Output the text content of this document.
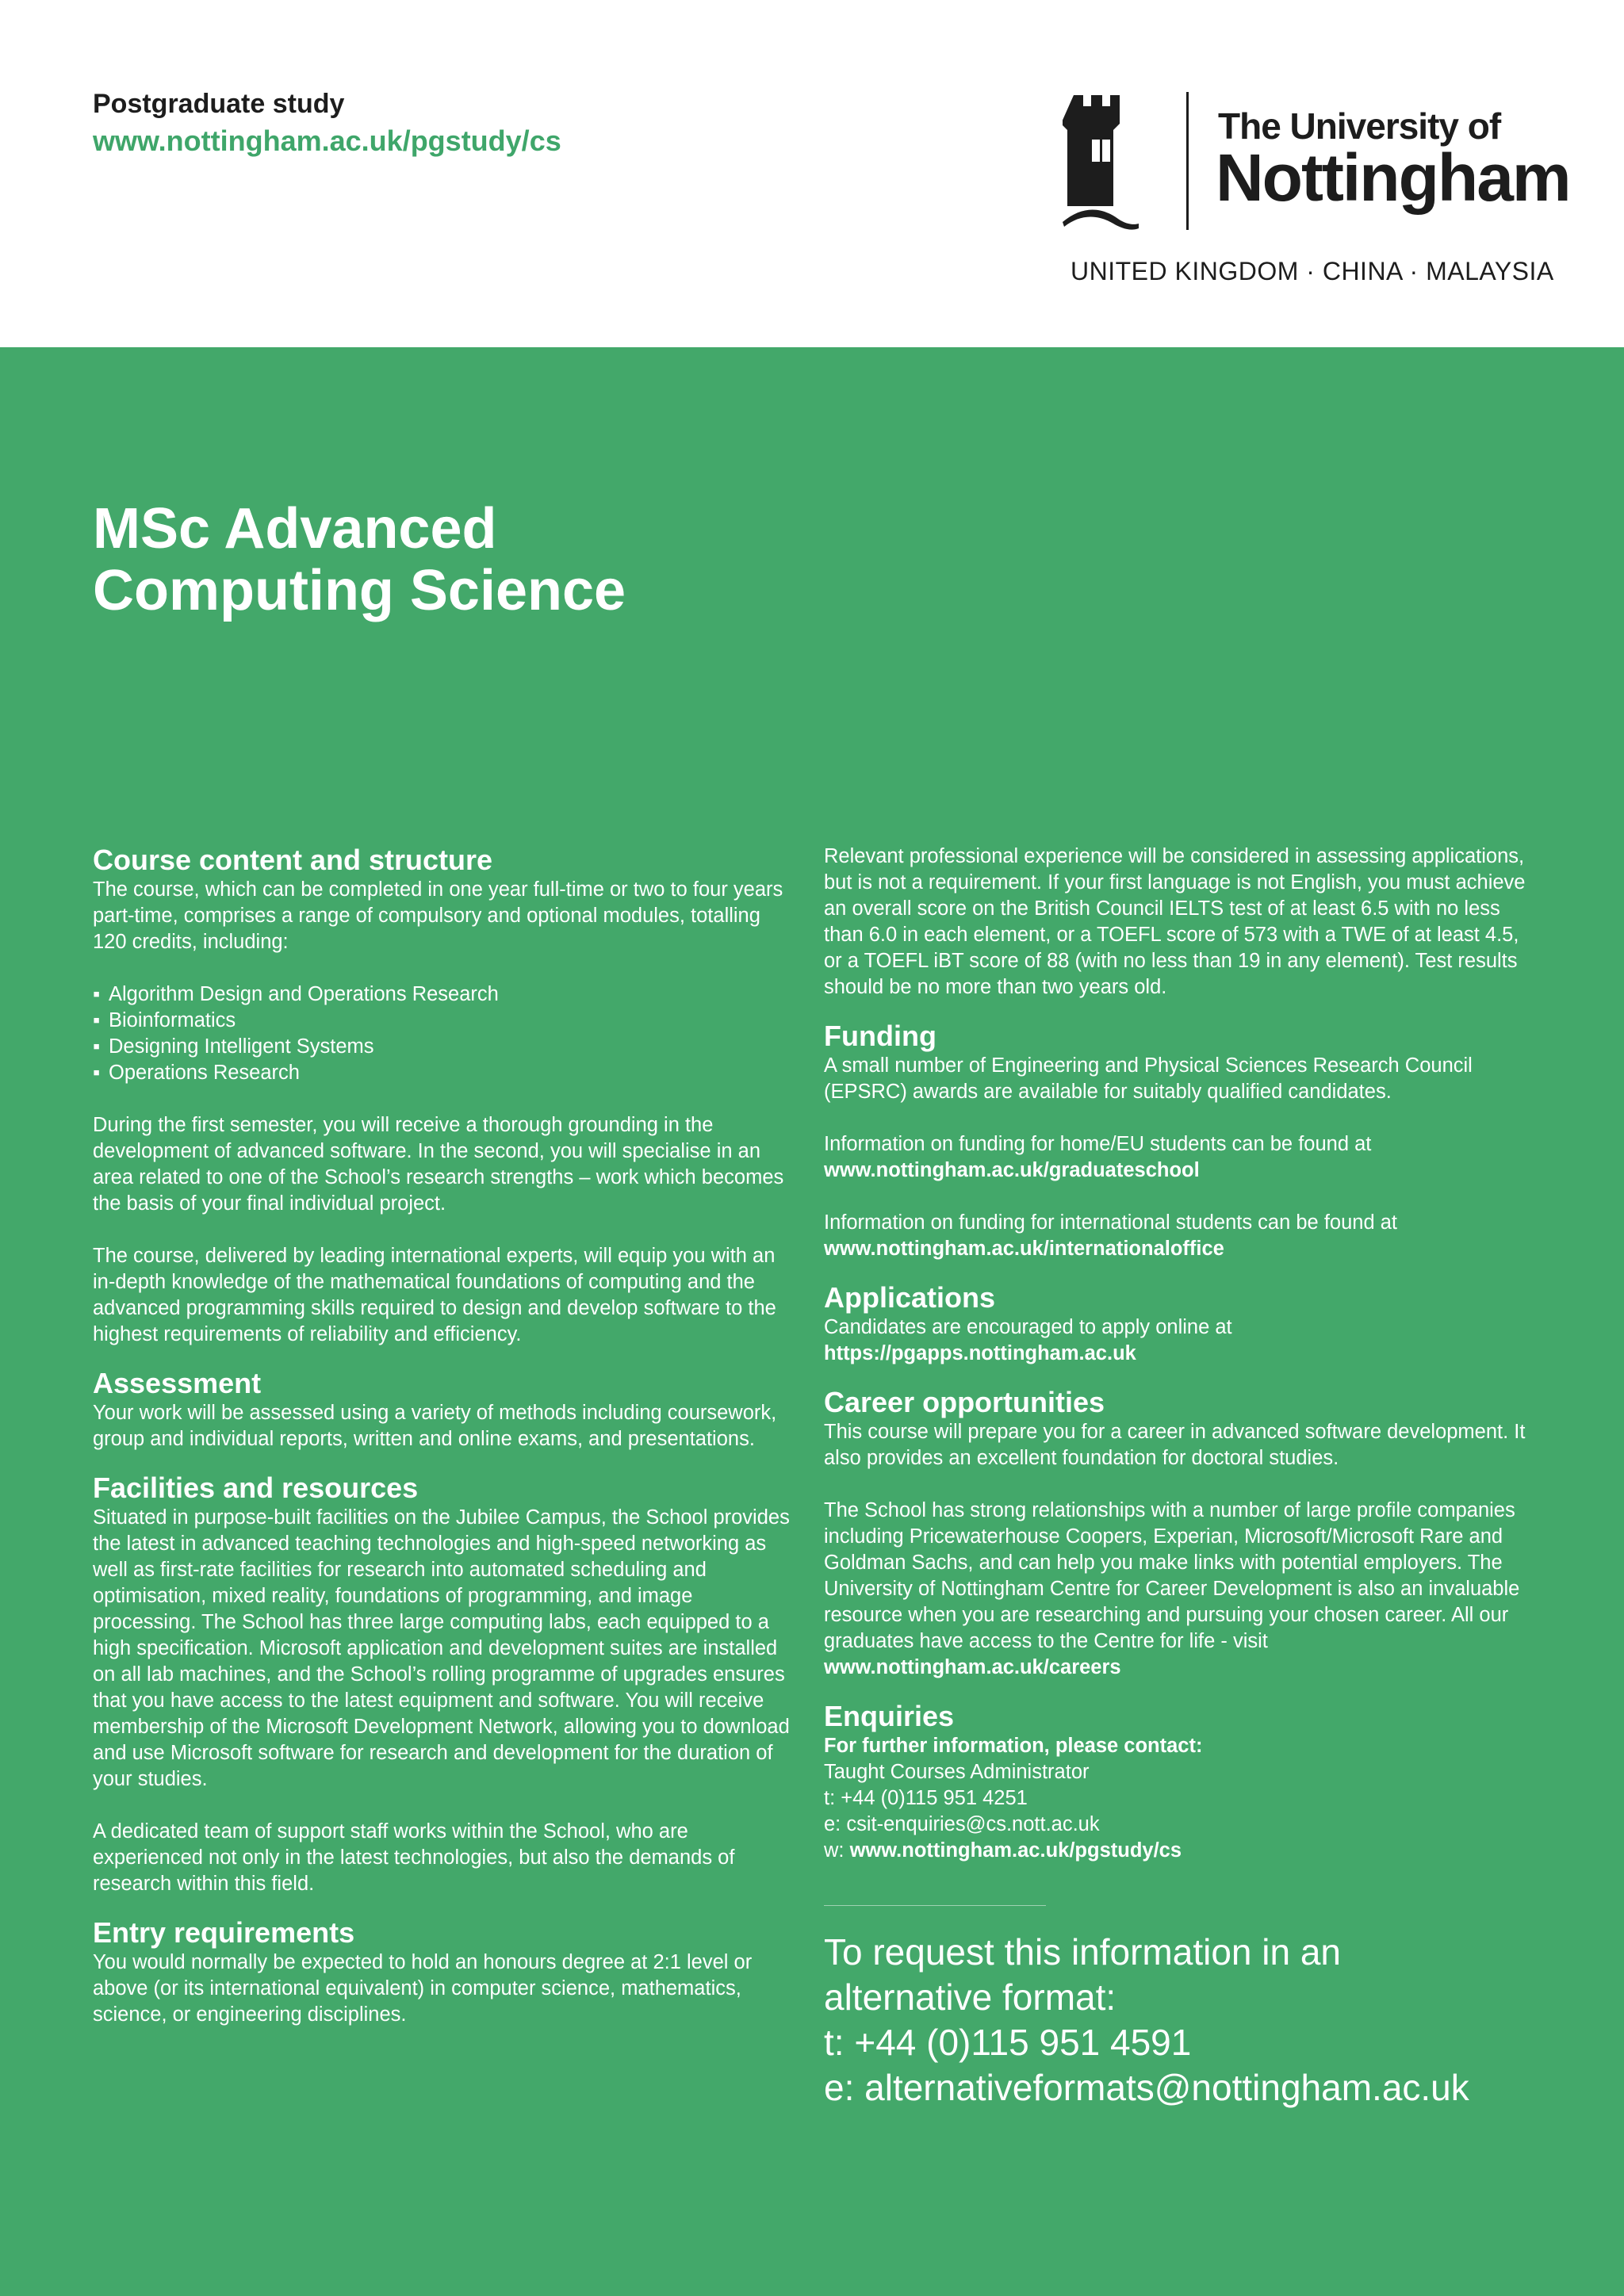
Postgraduate study
www.nottingham.ac.uk/pgstudy/cs	The University of
Nottingham
UNITED KINGDOM · CHINA · MALAYSIA
MSc Advanced
Computing Science
Course content and structure

The course, which can be completed in one year full-time or two to four years part-time, comprises a range of compulsory and optional modules, totalling 120 credits, including:

▪ Algorithm Design and Operations Research
▪ Bioinformatics
▪ Designing Intelligent Systems
▪ Operations Research

During the first semester, you will receive a thorough grounding in the development of advanced software. In the second, you will specialise in an area related to one of the School’s research strengths – work which becomes the basis of your final individual project.

The course, delivered by leading international experts, will equip you with an in-depth knowledge of the mathematical foundations of computing and the advanced programming skills required to design and develop software to the highest requirements of reliability and efficiency.

Assessment

Your work will be assessed using a variety of methods including coursework, group and individual reports, written and online exams, and presentations.

Facilities and resources

Situated in purpose-built facilities on the Jubilee Campus, the School provides the latest in advanced teaching technologies and high-speed networking as well as first-rate facilities for research into automated scheduling and optimisation, mixed reality, foundations of programming, and image processing. The School has three large computing labs, each equipped to a high specification. Microsoft application and development suites are installed on all lab machines, and the School’s rolling programme of upgrades ensures that you have access to the latest equipment and software. You will receive membership of the Microsoft Development Network, allowing you to download and use Microsoft software for research and development for the duration of your studies.

A dedicated team of support staff works within the School, who are experienced not only in the latest technologies, but also the demands of research within this field.

Entry requirements

You would normally be expected to hold an honours degree at 2:1 level or above (or its international equivalent) in computer science, mathematics, science, or engineering disciplines.

Relevant professional experience will be considered in assessing applications, but is not a requirement. If your first language is not English, you must achieve an overall score on the British Council IELTS test of at least 6.5 with no less than 6.0 in each element, or a TOEFL score of 573 with a TWE of at least 4.5, or a TOEFL iBT score of 88 (with no less than 19 in any element). Test results should be no more than two years old.

Funding

A small number of Engineering and Physical Sciences Research Council (EPSRC) awards are available for suitably qualified candidates.

Information on funding for home/EU students can be found at

www.nottingham.ac.uk/graduateschool

Information on funding for international students can be found at

www.nottingham.ac.uk/internationaloffice

Applications

Candidates are encouraged to apply online at

https://pgapps.nottingham.ac.uk

Career opportunities

This course will prepare you for a career in advanced software development. It also provides an excellent foundation for doctoral studies.

The School has strong relationships with a number of large profile companies including Pricewaterhouse Coopers, Experian, Microsoft/Microsoft Rare and Goldman Sachs, and can help you make links with potential employers. The University of Nottingham Centre for Career Development is also an invaluable resource when you are researching and pursuing your chosen career. All our graduates have access to the Centre for life - visit

www.nottingham.ac.uk/careers

Enquiries

For further information, please contact:

Taught Courses Administrator

t: +44 (0)115 951 4251

e: csit-enquiries@cs.nott.ac.uk

w: www.nottingham.ac.uk/pgstudy/cs

To request this information in an
alternative format:
t: +44 (0)115 951 4591
e: alternativeformats@nottingham.ac.uk
